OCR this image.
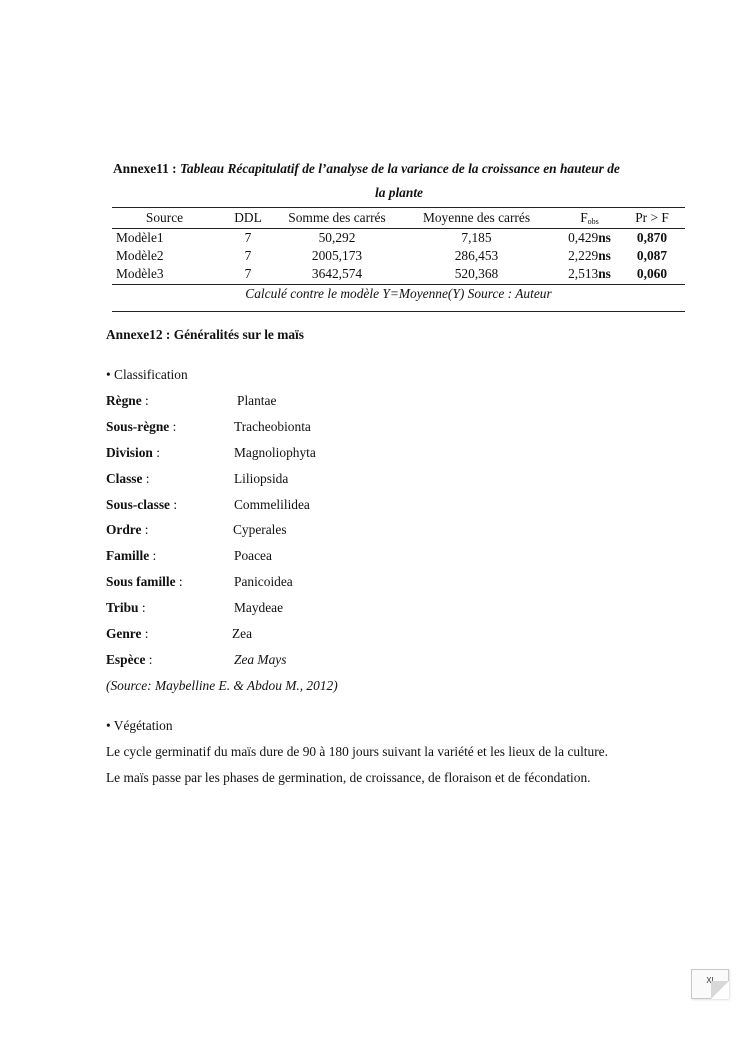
Annexe11 : Tableau Récapitulatif de l’analyse de la variance de la croissance en hauteur de
la plante
Source	DDL	Somme des carrés	Moyenne des carrés	$F_{obs}$	Pr > F
Modèle1	7	50,292	7,185	0,429ns	0,870
Modèle2	7	2005,173	286,453	2,229ns	0,087
Modèle3	7	3642,574	520,368	2,513ns	0,060
Calculé contre le modèle Y=Moyenne(Y) Source : Auteur
Annexe12 : Généralités sur le maïs
• Classification
Règne :	Plantae
Sous-règne :	Tracheobionta
Division :	Magnoliophyta
Classe :	Liliopsida
Sous-classe :	Commelilidea
Ordre :	Cyperales
Famille :	Poacea
Sous famille :	Panicoidea
Tribu :	Maydeae
Genre :	Zea
Espèce :	Zea Mays
(Source: Maybelline E. & Abdou M., 2012)
• Végétation
Le cycle germinatif du maïs dure de 90 à 180 jours suivant la variété et les lieux de la culture.
Le maïs passe par les phases de germination, de croissance, de floraison et de fécondation.
XI
